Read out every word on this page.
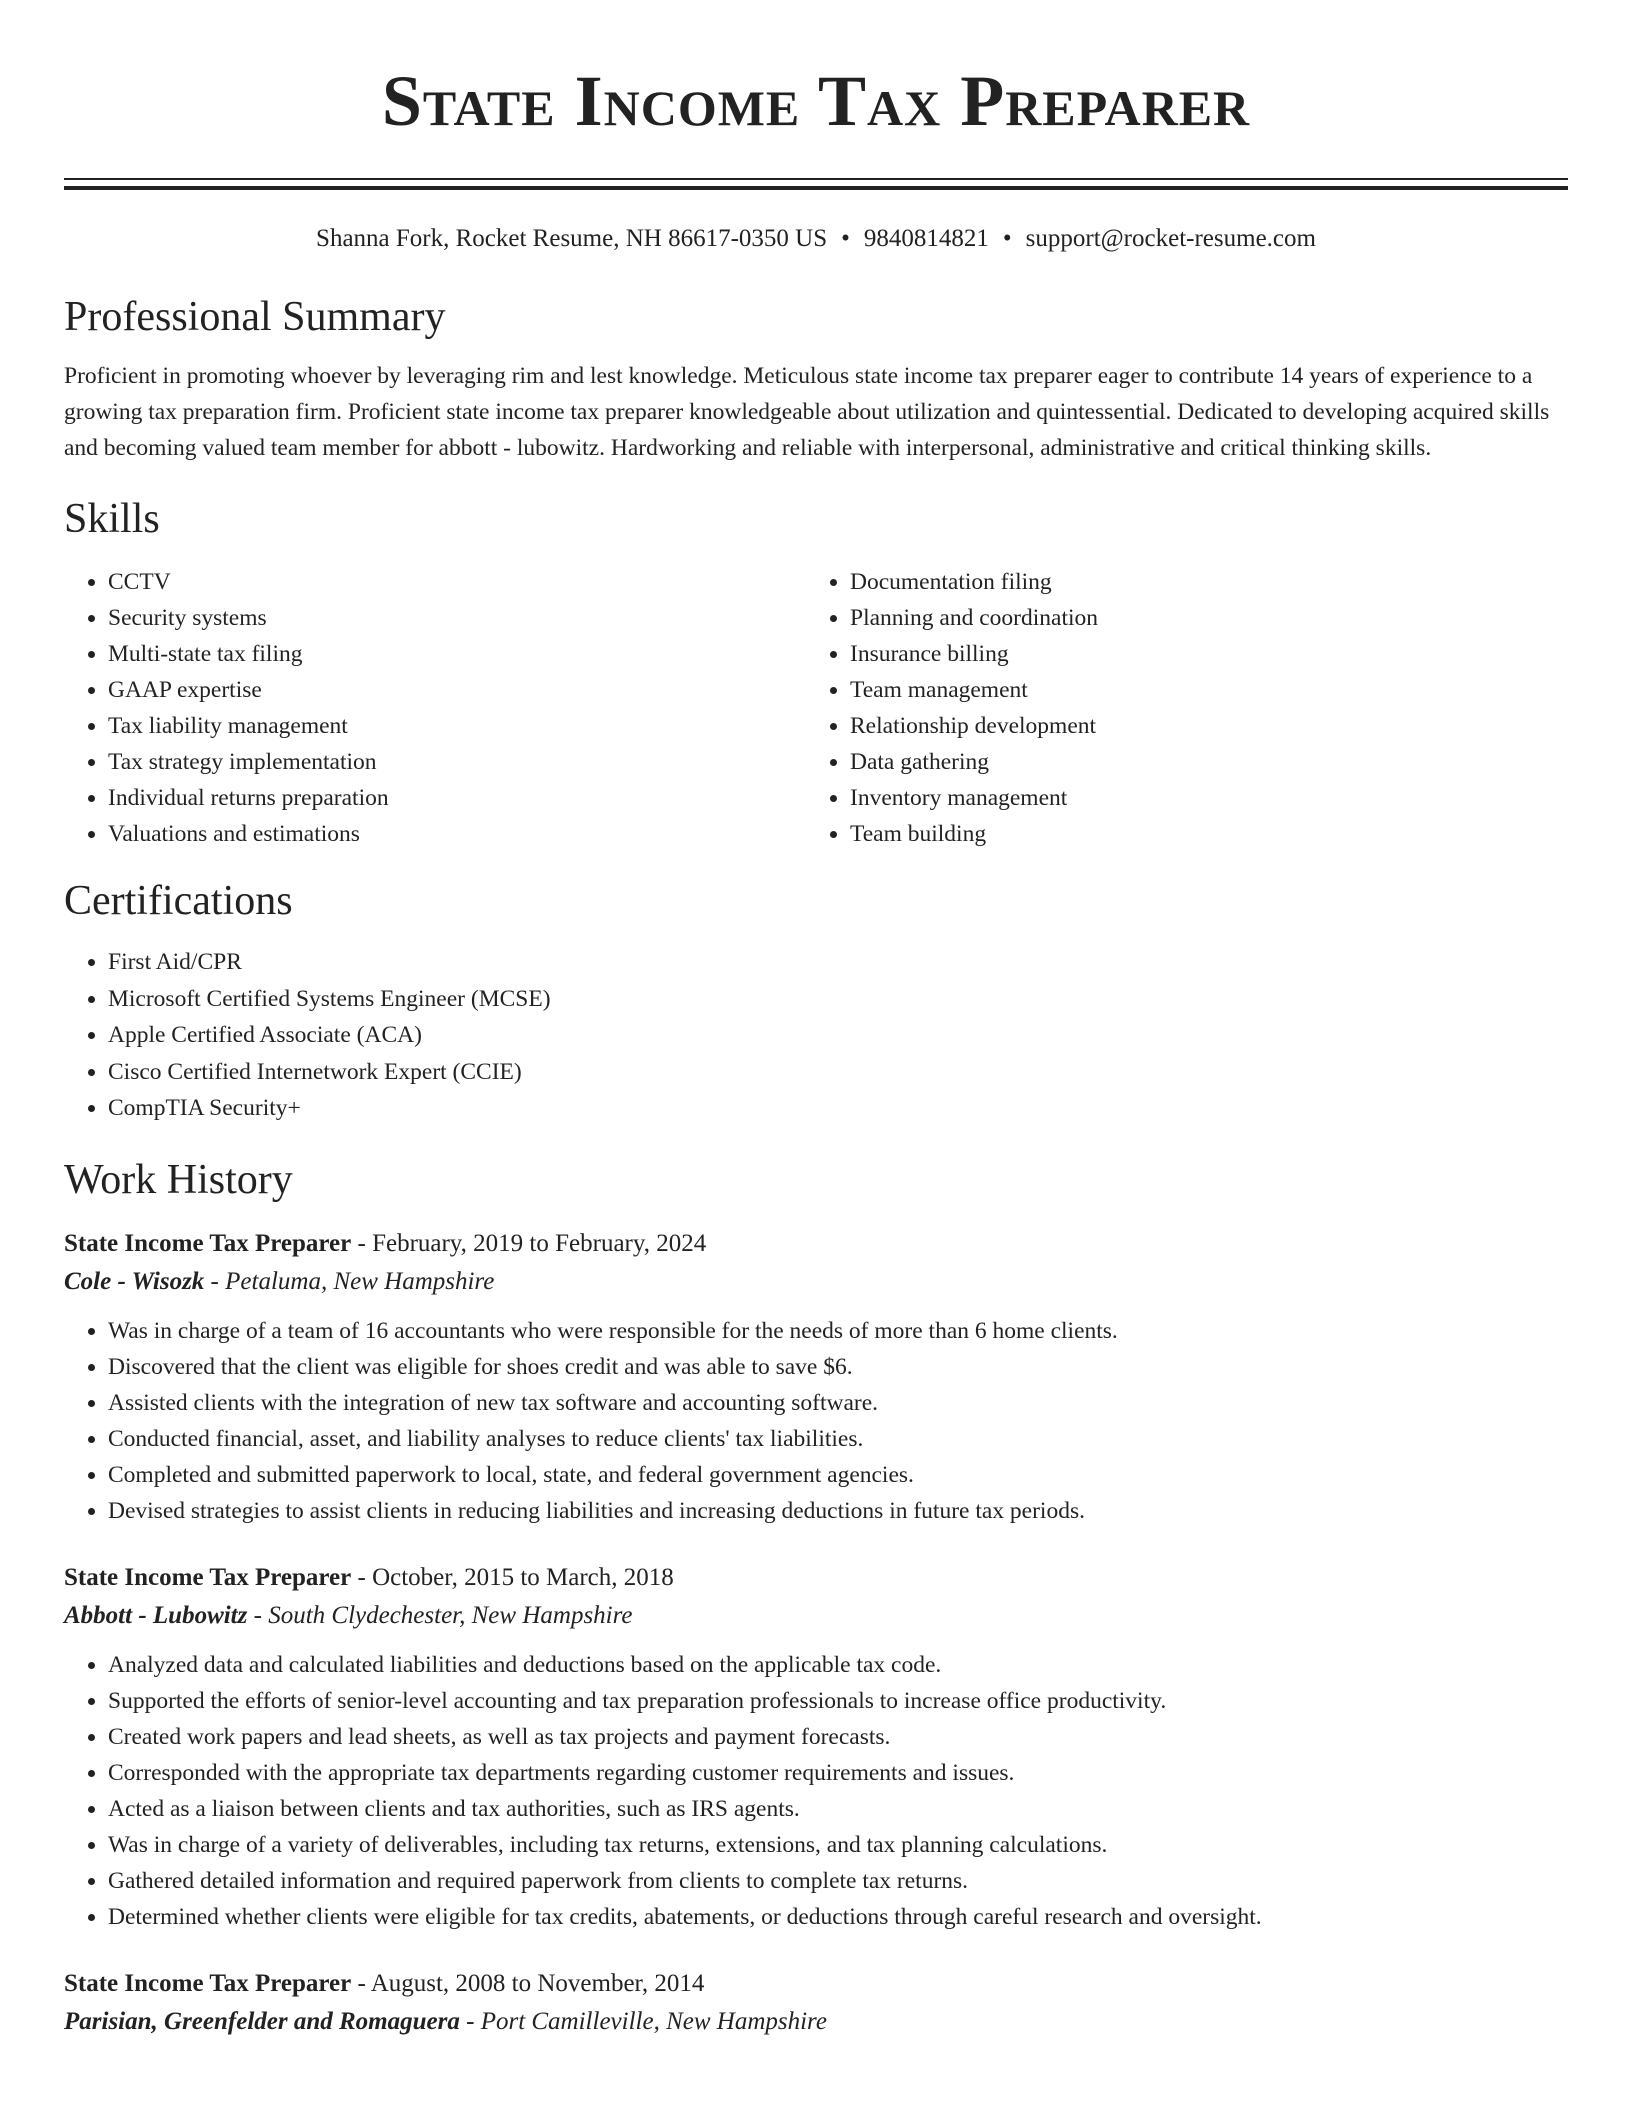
State Income Tax Preparer
Shanna Fork, Rocket Resume, NH 86617-0350 US • 9840814821 • support@rocket-resume.com
Professional Summary

Proficient in promoting whoever by leveraging rim and lest knowledge. Meticulous state income tax preparer eager to contribute 14 years of experience to a growing tax preparation firm. Proficient state income tax preparer knowledgeable about utilization and quintessential. Dedicated to developing acquired skills and becoming valued team member for abbott - lubowitz. Hardworking and reliable with interpersonal, administrative and critical thinking skills.

Skills
• CCTV
• Security systems
• Multi-state tax filing
• GAAP expertise
• Tax liability management
• Tax strategy implementation
• Individual returns preparation
• Valuations and estimations
• Documentation filing
• Planning and coordination
• Insurance billing
• Team management
• Relationship development
• Data gathering
• Inventory management
• Team building
Certifications
• First Aid/CPR
• Microsoft Certified Systems Engineer (MCSE)
• Apple Certified Associate (ACA)
• Cisco Certified Internetwork Expert (CCIE)
• CompTIA Security+
Work History
State Income Tax Preparer - February, 2019 to February, 2024
Cole - Wisozk - Petaluma, New Hampshire
• Was in charge of a team of 16 accountants who were responsible for the needs of more than 6 home clients.
• Discovered that the client was eligible for shoes credit and was able to save $6.
• Assisted clients with the integration of new tax software and accounting software.
• Conducted financial, asset, and liability analyses to reduce clients' tax liabilities.
• Completed and submitted paperwork to local, state, and federal government agencies.
• Devised strategies to assist clients in reducing liabilities and increasing deductions in future tax periods.
State Income Tax Preparer - October, 2015 to March, 2018
Abbott - Lubowitz - South Clydechester, New Hampshire
• Analyzed data and calculated liabilities and deductions based on the applicable tax code.
• Supported the efforts of senior-level accounting and tax preparation professionals to increase office productivity.
• Created work papers and lead sheets, as well as tax projects and payment forecasts.
• Corresponded with the appropriate tax departments regarding customer requirements and issues.
• Acted as a liaison between clients and tax authorities, such as IRS agents.
• Was in charge of a variety of deliverables, including tax returns, extensions, and tax planning calculations.
• Gathered detailed information and required paperwork from clients to complete tax returns.
• Determined whether clients were eligible for tax credits, abatements, or deductions through careful research and oversight.
State Income Tax Preparer - August, 2008 to November, 2014
Parisian, Greenfelder and Romaguera - Port Camilleville, New Hampshire
